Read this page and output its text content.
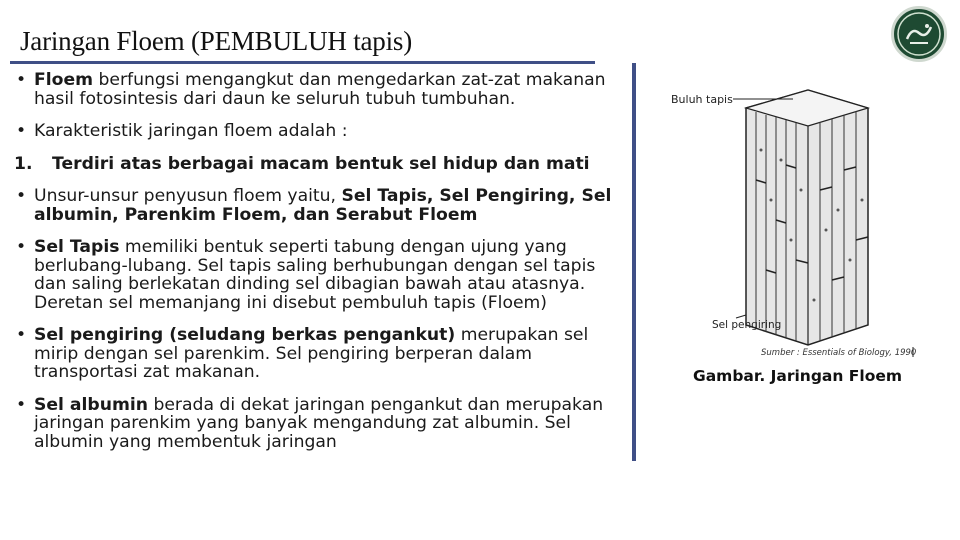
Jaringan Floem (PEMBULUH tapis)
• Floem berfungsi mengangkut dan mengedarkan zat-zat makanan hasil fotosintesis dari daun ke seluruh tubuh tumbuhan.
• Karakteristik jaringan floem adalah :
1. Terdiri atas berbagai macam bentuk sel hidup dan mati
• Unsur-unsur penyusun floem yaitu, Sel Tapis, Sel Pengiring, Sel albumin, Parenkim Floem, dan Serabut Floem
• Sel Tapis memiliki bentuk seperti tabung dengan ujung yang berlubang-lubang. Sel tapis saling berhubungan dengan sel tapis dan saling berlekatan dinding sel dibagian bawah atau atasnya. Deretan sel memanjang ini disebut pembuluh tapis (Floem)
• Sel pengiring (seludang berkas pengankut) merupakan sel mirip dengan sel parenkim. Sel pengiring berperan dalam transportasi zat makanan.
• Sel albumin berada di dekat jaringan pengankut dan merupakan jaringan parenkim yang banyak mengandung zat albumin. Sel albumin yang membentuk jaringan
Buluh tapis
Sel pengiring
Sumber : Essentials of Biology, 1990
Gambar. Jaringan Floem
